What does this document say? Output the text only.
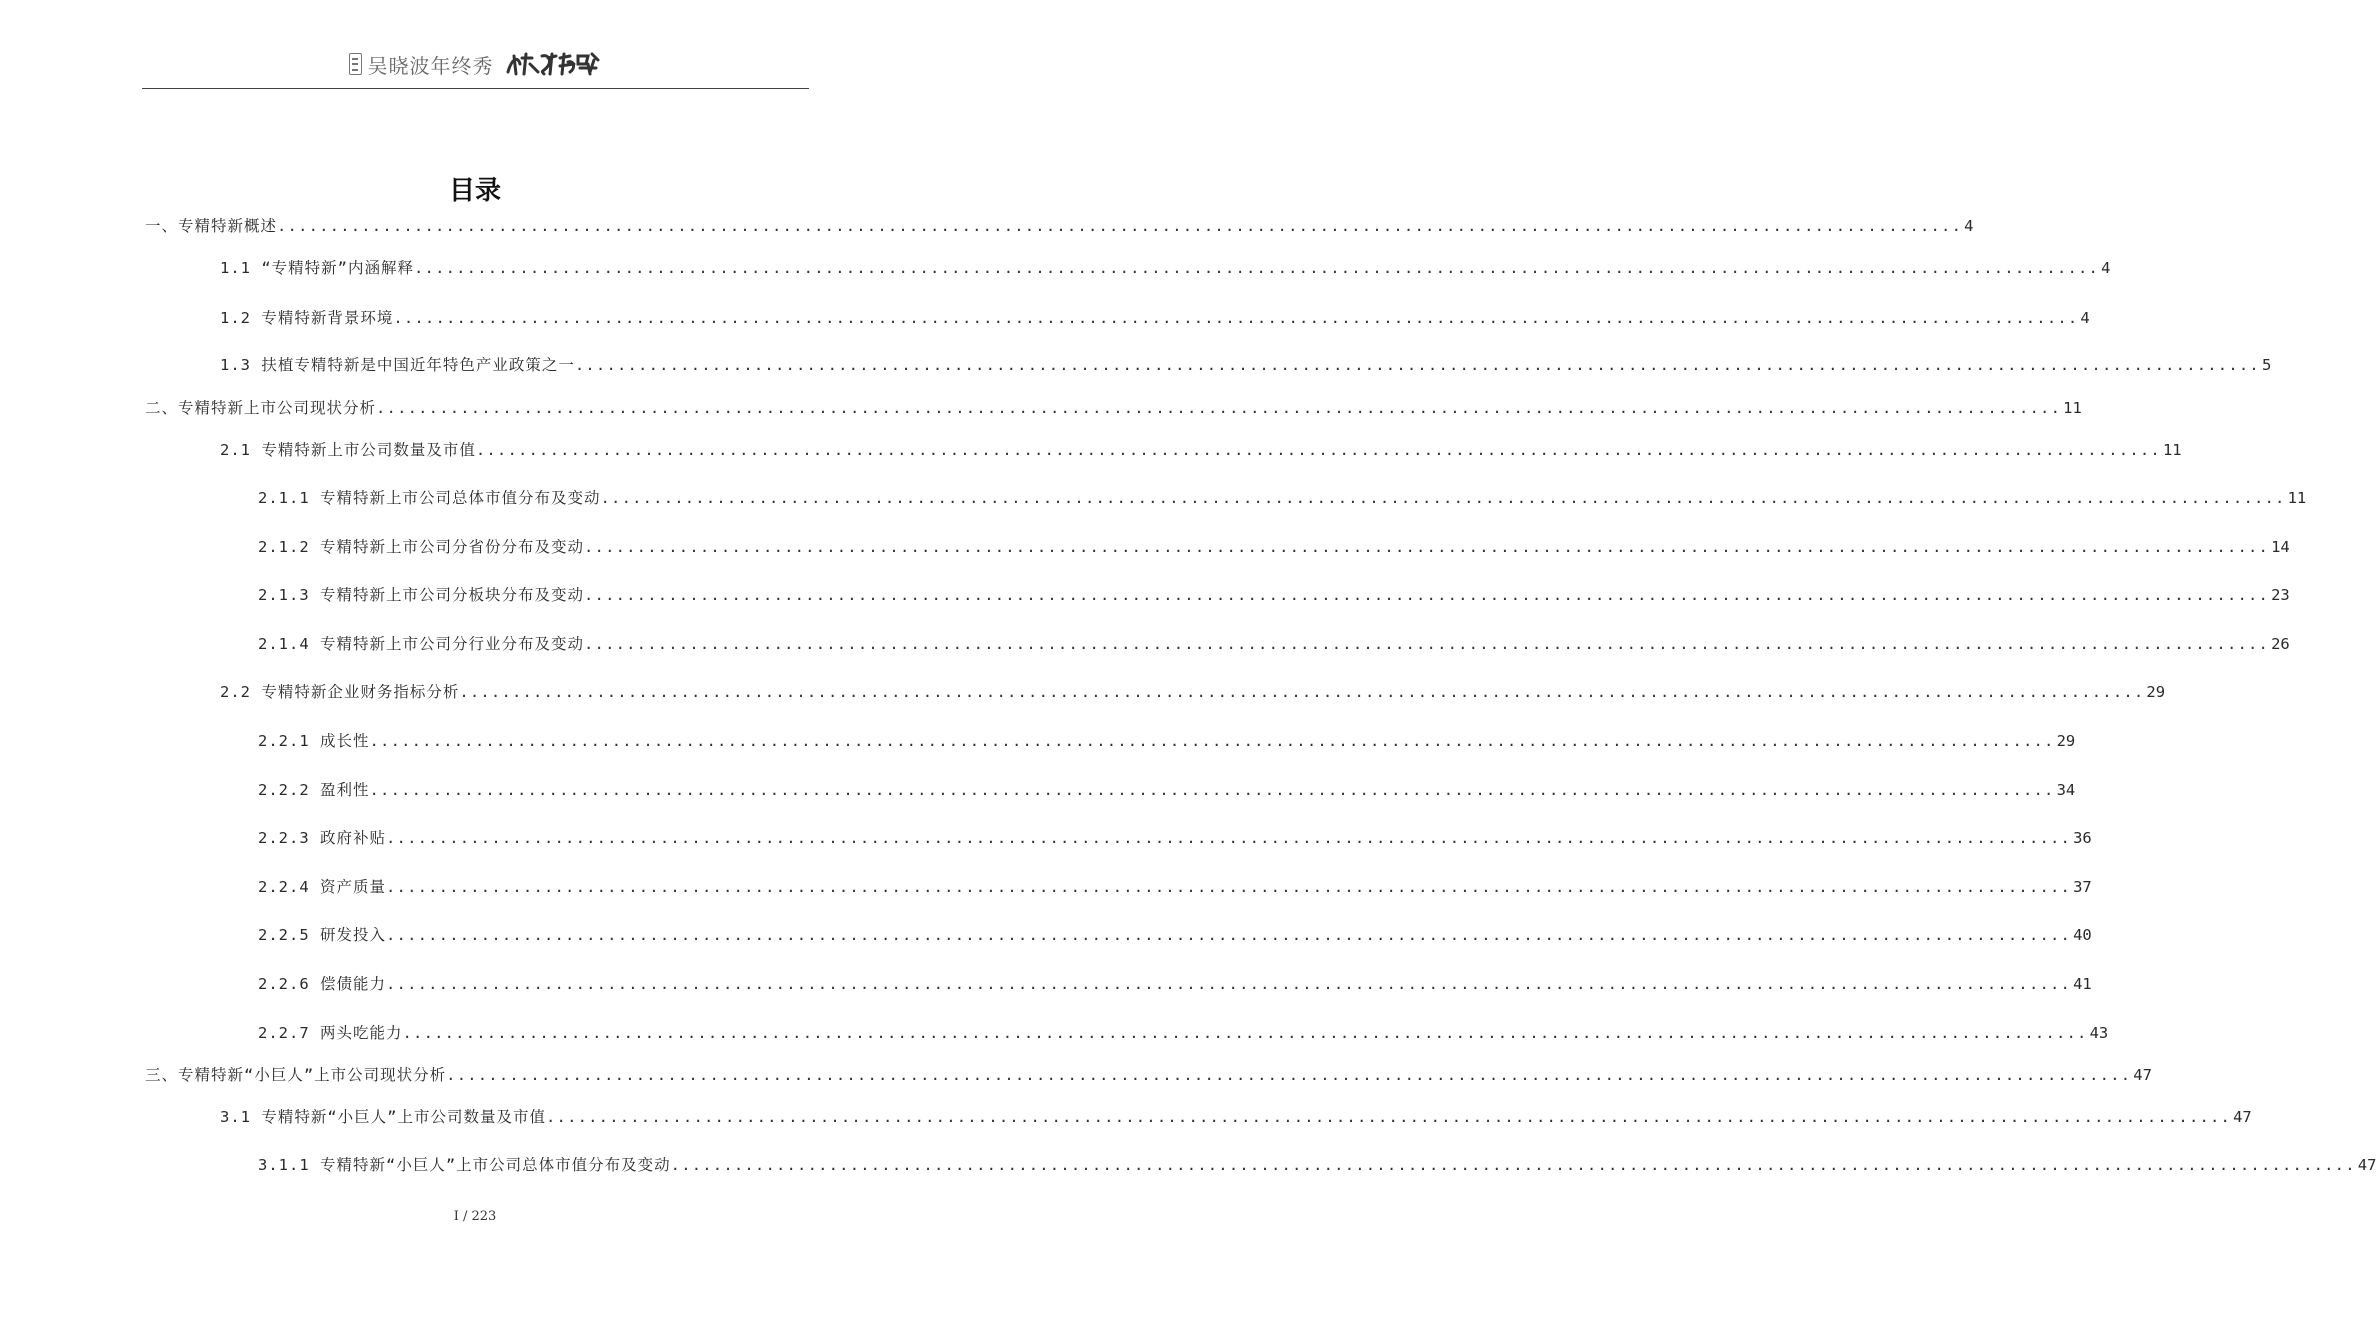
吴晓波年终秀
目录
一、专精特新概述 ................................................................................................................................................................ 4
1.1 “专精特新”内涵解释 ................................................................................................................................................................ 4
1.2 专精特新背景环境 ................................................................................................................................................................ 4
1.3 扶植专精特新是中国近年特色产业政策之一 ................................................................................................................................................................ 5
二、专精特新上市公司现状分析 ................................................................................................................................................................ 11
2.1 专精特新上市公司数量及市值 ................................................................................................................................................................ 11
2.1.1 专精特新上市公司总体市值分布及变动 ................................................................................................................................................................ 11
2.1.2 专精特新上市公司分省份分布及变动 ................................................................................................................................................................ 14
2.1.3 专精特新上市公司分板块分布及变动 ................................................................................................................................................................ 23
2.1.4 专精特新上市公司分行业分布及变动 ................................................................................................................................................................ 26
2.2 专精特新企业财务指标分析 ................................................................................................................................................................ 29
2.2.1 成长性 ................................................................................................................................................................ 29
2.2.2 盈利性 ................................................................................................................................................................ 34
2.2.3 政府补贴 ................................................................................................................................................................ 36
2.2.4 资产质量 ................................................................................................................................................................ 37
2.2.5 研发投入 ................................................................................................................................................................ 40
2.2.6 偿债能力 ................................................................................................................................................................ 41
2.2.7 两头吃能力 ................................................................................................................................................................ 43
三、专精特新“小巨人”上市公司现状分析 ................................................................................................................................................................ 47
3.1 专精特新“小巨人”上市公司数量及市值 ................................................................................................................................................................ 47
3.1.1 专精特新“小巨人”上市公司总体市值分布及变动 ................................................................................................................................................................ 47
I / 223
